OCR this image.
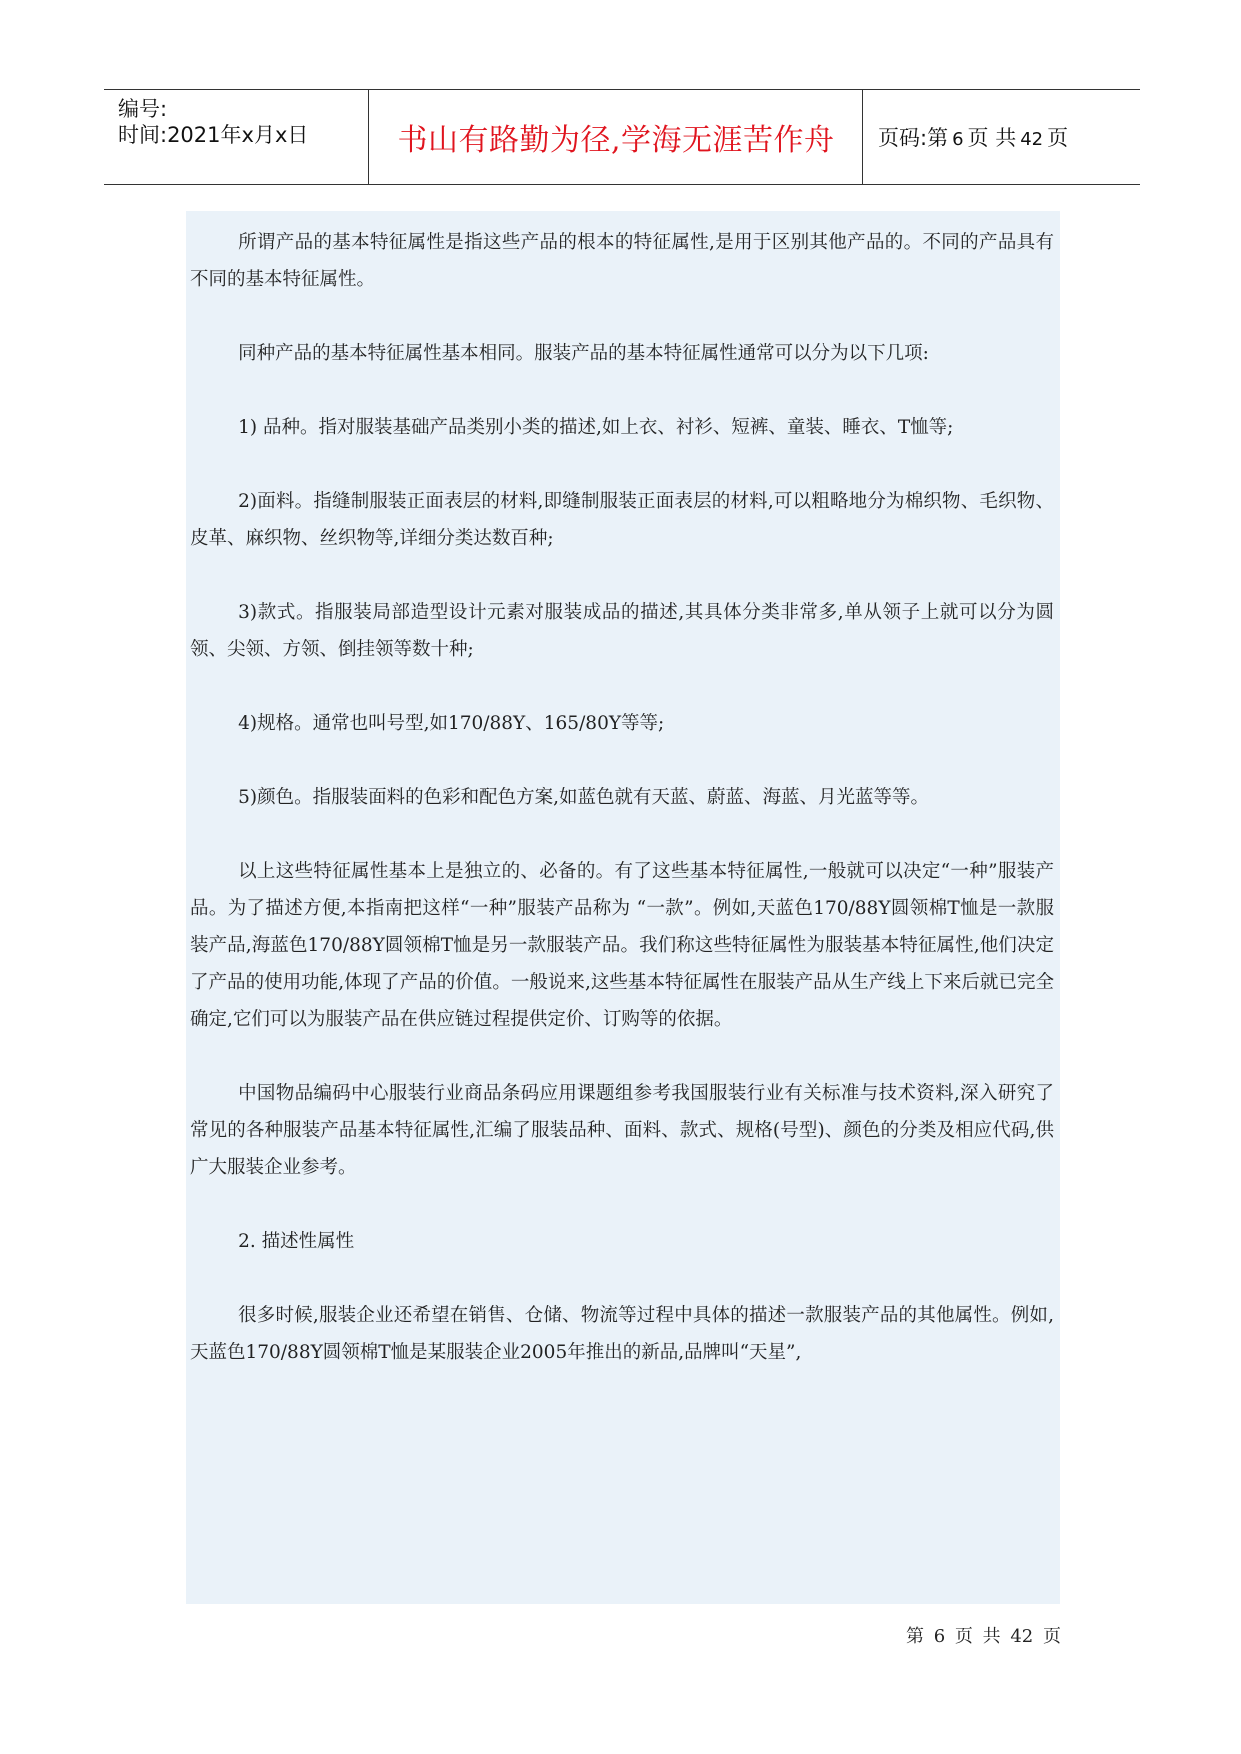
编号:
时间:2021年x月x日	书山有路勤为径,学海无涯苦作舟 页码:第 6 页 共 42 页

所谓产品的基本特征属性是指这些产品的根本的特征属性,是用于区别其他产品的。不同的产品具有不同的基本特征属性。

同种产品的基本特征属性基本相同。服装产品的基本特征属性通常可以分为以下几项:

1) 品种。指对服装基础产品类别小类的描述,如上衣、衬衫、短裤、童装、睡衣、T恤等;

2)面料。指缝制服装正面表层的材料,即缝制服装正面表层的材料,可以粗略地分为棉织物、毛织物、皮革、麻织物、丝织物等,详细分类达数百种;

3)款式。指服装局部造型设计元素对服装成品的描述,其具体分类非常多,单从领子上就可以分为圆领、尖领、方领、倒挂领等数十种;

4)规格。通常也叫号型,如170/88Y、165/80Y等等;

5)颜色。指服装面料的色彩和配色方案,如蓝色就有天蓝、蔚蓝、海蓝、月光蓝等等。

以上这些特征属性基本上是独立的、必备的。有了这些基本特征属性,一般就可以决定“一种”服装产品。为了描述方便,本指南把这样“一种”服装产品称为 “一款”。例如,天蓝色170/88Y圆领棉T恤是一款服装产品,海蓝色170/88Y圆领棉T恤是另一款服装产品。我们称这些特征属性为服装基本特征属性,他们决定了产品的使用功能,体现了产品的价值。一般说来,这些基本特征属性在服装产品从生产线上下来后就已完全确定,它们可以为服装产品在供应链过程提供定价、订购等的依据。

中国物品编码中心服装行业商品条码应用课题组参考我国服装行业有关标准与技术资料,深入研究了常见的各种服装产品基本特征属性,汇编了服装品种、面料、款式、规格(号型)、颜色的分类及相应代码,供广大服装企业参考。

2. 描述性属性

很多时候,服装企业还希望在销售、仓储、物流等过程中具体的描述一款服装产品的其他属性。例如,天蓝色170/88Y圆领棉T恤是某服装企业2005年推出的新品,品牌叫“天星”,

第 6 页 共 42 页
